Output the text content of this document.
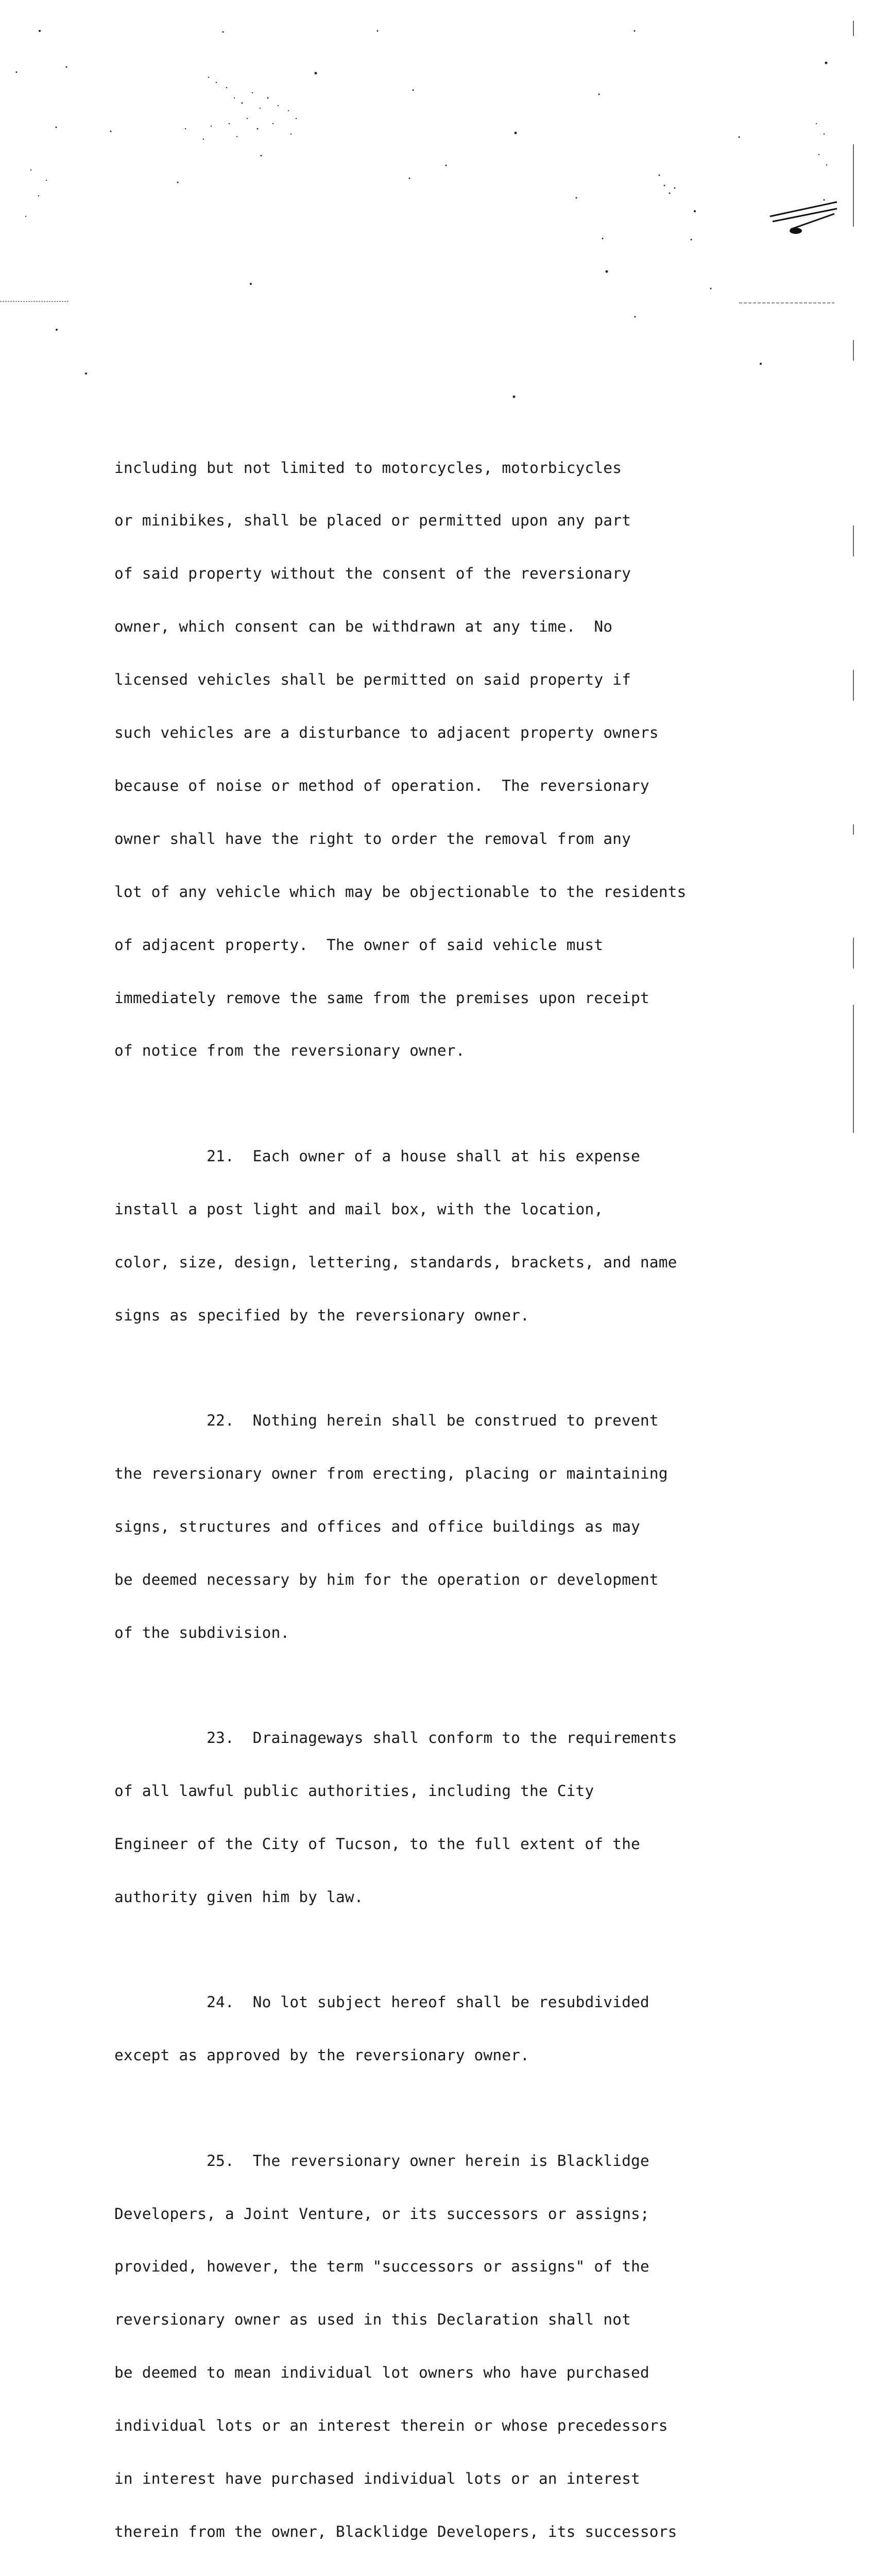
including but not limited to motorcycles, motorbicycles

or minibikes, shall be placed or permitted upon any part

of said property without the consent of the reversionary

owner, which consent can be withdrawn at any time.  No

licensed vehicles shall be permitted on said property if

such vehicles are a disturbance to adjacent property owners

because of noise or method of operation.  The reversionary

owner shall have the right to order the removal from any

lot of any vehicle which may be objectionable to the residents

of adjacent property.  The owner of said vehicle must

immediately remove the same from the premises upon receipt

of notice from the reversionary owner.

21. Each owner of a house shall at his expense

install a post light and mail box, with the location,

color, size, design, lettering, standards, brackets, and name

signs as specified by the reversionary owner.

22. Nothing herein shall be construed to prevent

the reversionary owner from erecting, placing or maintaining

signs, structures and offices and office buildings as may

be deemed necessary by him for the operation or development

of the subdivision.

23. Drainageways shall conform to the requirements

of all lawful public authorities, including the City

Engineer of the City of Tucson, to the full extent of the

authority given him by law.

24. No lot subject hereof shall be resubdivided

except as approved by the reversionary owner.

25. The reversionary owner herein is Blacklidge

Developers, a Joint Venture, or its successors or assigns;

provided, however, the term "successors or assigns" of the

reversionary owner as used in this Declaration shall not

be deemed to mean individual lot owners who have purchased

individual lots or an interest therein or whose precedessors

in interest have purchased individual lots or an interest

therein from the owner, Blacklidge Developers, its successors
